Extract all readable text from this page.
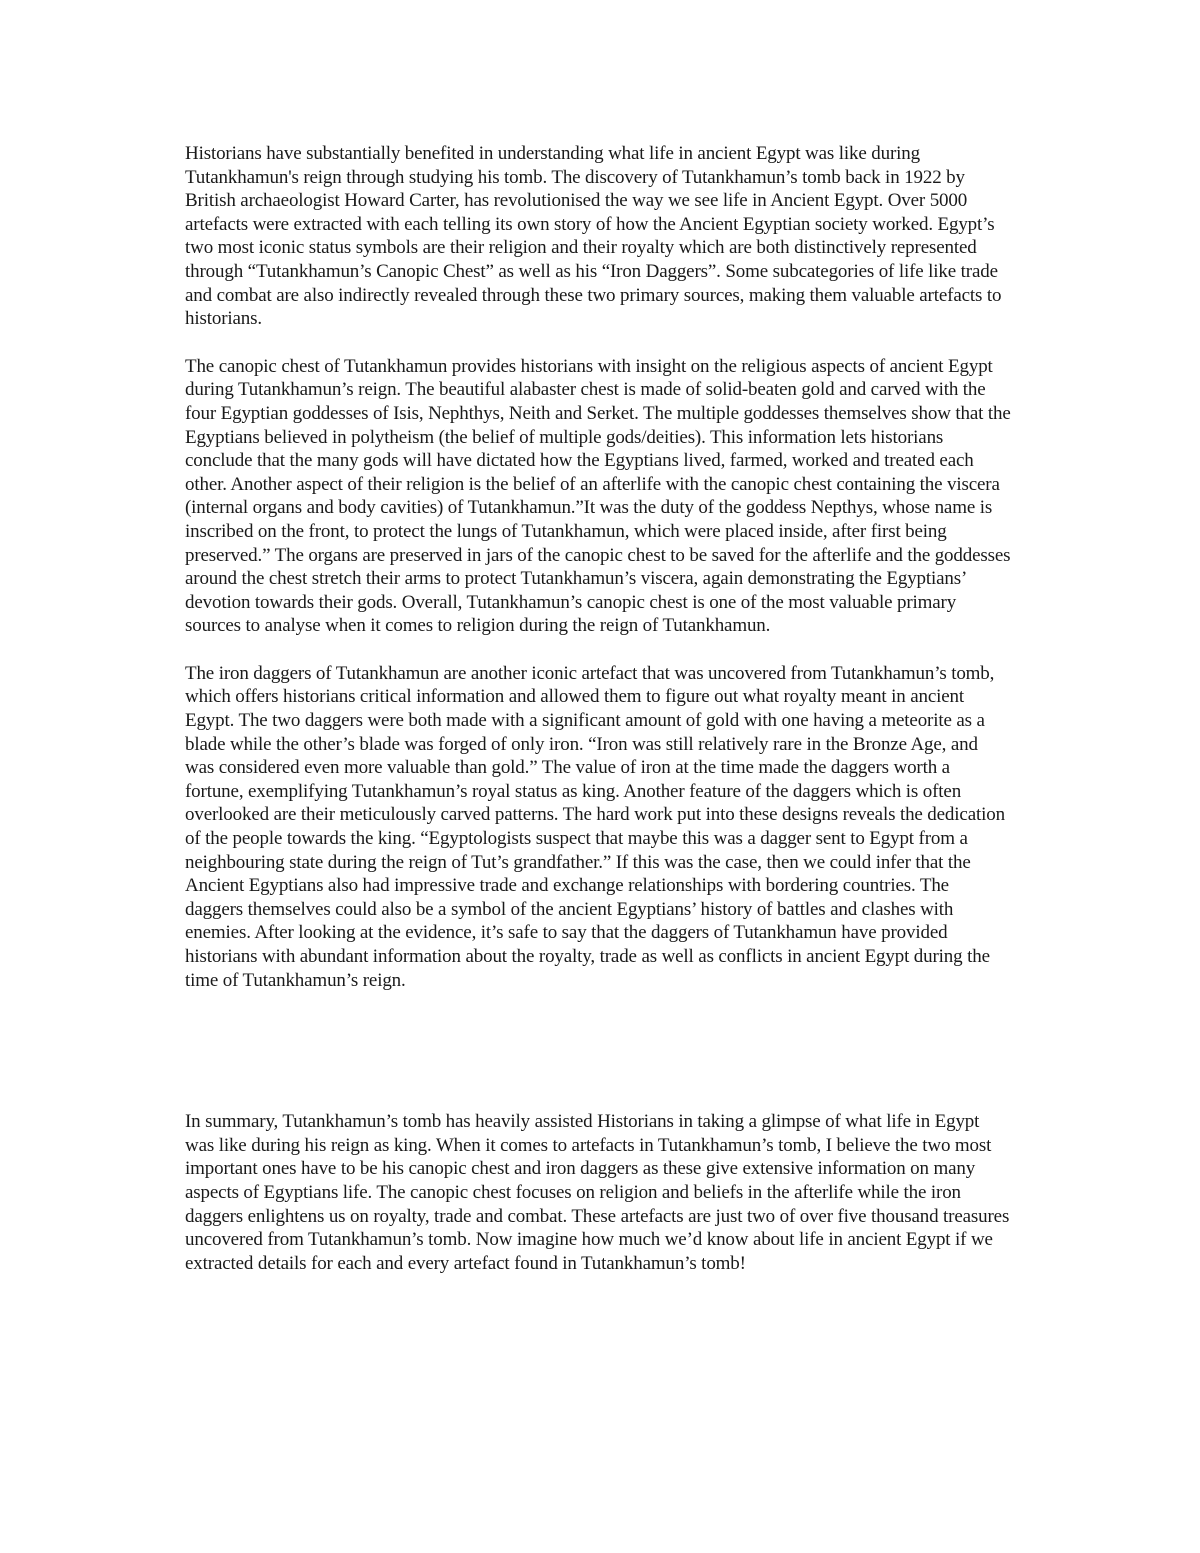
Historians have substantially benefited in understanding what life in ancient Egypt was like during Tutankhamun's reign through studying his tomb. The discovery of Tutankhamun’s tomb back in 1922 by British archaeologist Howard Carter, has revolutionised the way we see life in Ancient Egypt. Over 5000 artefacts were extracted with each telling its own story of how the Ancient Egyptian society worked. Egypt’s two most iconic status symbols are their religion and their royalty which are both distinctively represented through “Tutankhamun’s Canopic Chest” as well as his “Iron Daggers”. Some subcategories of life like trade and combat are also indirectly revealed through these two primary sources, making them valuable artefacts to historians.

The canopic chest of Tutankhamun provides historians with insight on the religious aspects of ancient Egypt during Tutankhamun’s reign. The beautiful alabaster chest is made of solid-beaten gold and carved with the four Egyptian goddesses of Isis, Nephthys, Neith and Serket. The multiple goddesses themselves show that the Egyptians believed in polytheism (the belief of multiple gods/deities). This information lets historians conclude that the many gods will have dictated how the Egyptians lived, farmed, worked and treated each other. Another aspect of their religion is the belief of an afterlife with the canopic chest containing the viscera (internal organs and body cavities) of Tutankhamun.”It was the duty of the goddess Nepthys, whose name is inscribed on the front, to protect the lungs of Tutankhamun, which were placed inside, after first being preserved.” The organs are preserved in jars of the canopic chest to be saved for the afterlife and the goddesses around the chest stretch their arms to protect Tutankhamun’s viscera, again demonstrating the Egyptians’ devotion towards their gods. Overall, Tutankhamun’s canopic chest is one of the most valuable primary sources to analyse when it comes to religion during the reign of Tutankhamun.

The iron daggers of Tutankhamun are another iconic artefact that was uncovered from Tutankhamun’s tomb, which offers historians critical information and allowed them to figure out what royalty meant in ancient Egypt. The two daggers were both made with a significant amount of gold with one having a meteorite as a blade while the other’s blade was forged of only iron. “Iron was still relatively rare in the Bronze Age, and was considered even more valuable than gold.” The value of iron at the time made the daggers worth a fortune, exemplifying Tutankhamun’s royal status as king. Another feature of the daggers which is often overlooked are their meticulously carved patterns. The hard work put into these designs reveals the dedication of the people towards the king. “Egyptologists suspect that maybe this was a dagger sent to Egypt from a neighbouring state during the reign of Tut’s grandfather.” If this was the case, then we could infer that the Ancient Egyptians also had impressive trade and exchange relationships with bordering countries. The daggers themselves could also be a symbol of the ancient Egyptians’ history of battles and clashes with enemies. After looking at the evidence, it’s safe to say that the daggers of Tutankhamun have provided historians with abundant information about the royalty, trade as well as conflicts in ancient Egypt during the time of Tutankhamun’s reign.

In summary, Tutankhamun’s tomb has heavily assisted Historians in taking a glimpse of what life in Egypt was like during his reign as king. When it comes to artefacts in Tutankhamun’s tomb, I believe the two most important ones have to be his canopic chest and iron daggers as these give extensive information on many aspects of Egyptians life. The canopic chest focuses on religion and beliefs in the afterlife while the iron daggers enlightens us on royalty, trade and combat. These artefacts are just two of over five thousand treasures uncovered from Tutankhamun’s tomb. Now imagine how much we’d know about life in ancient Egypt if we extracted details for each and every artefact found in Tutankhamun’s tomb!
